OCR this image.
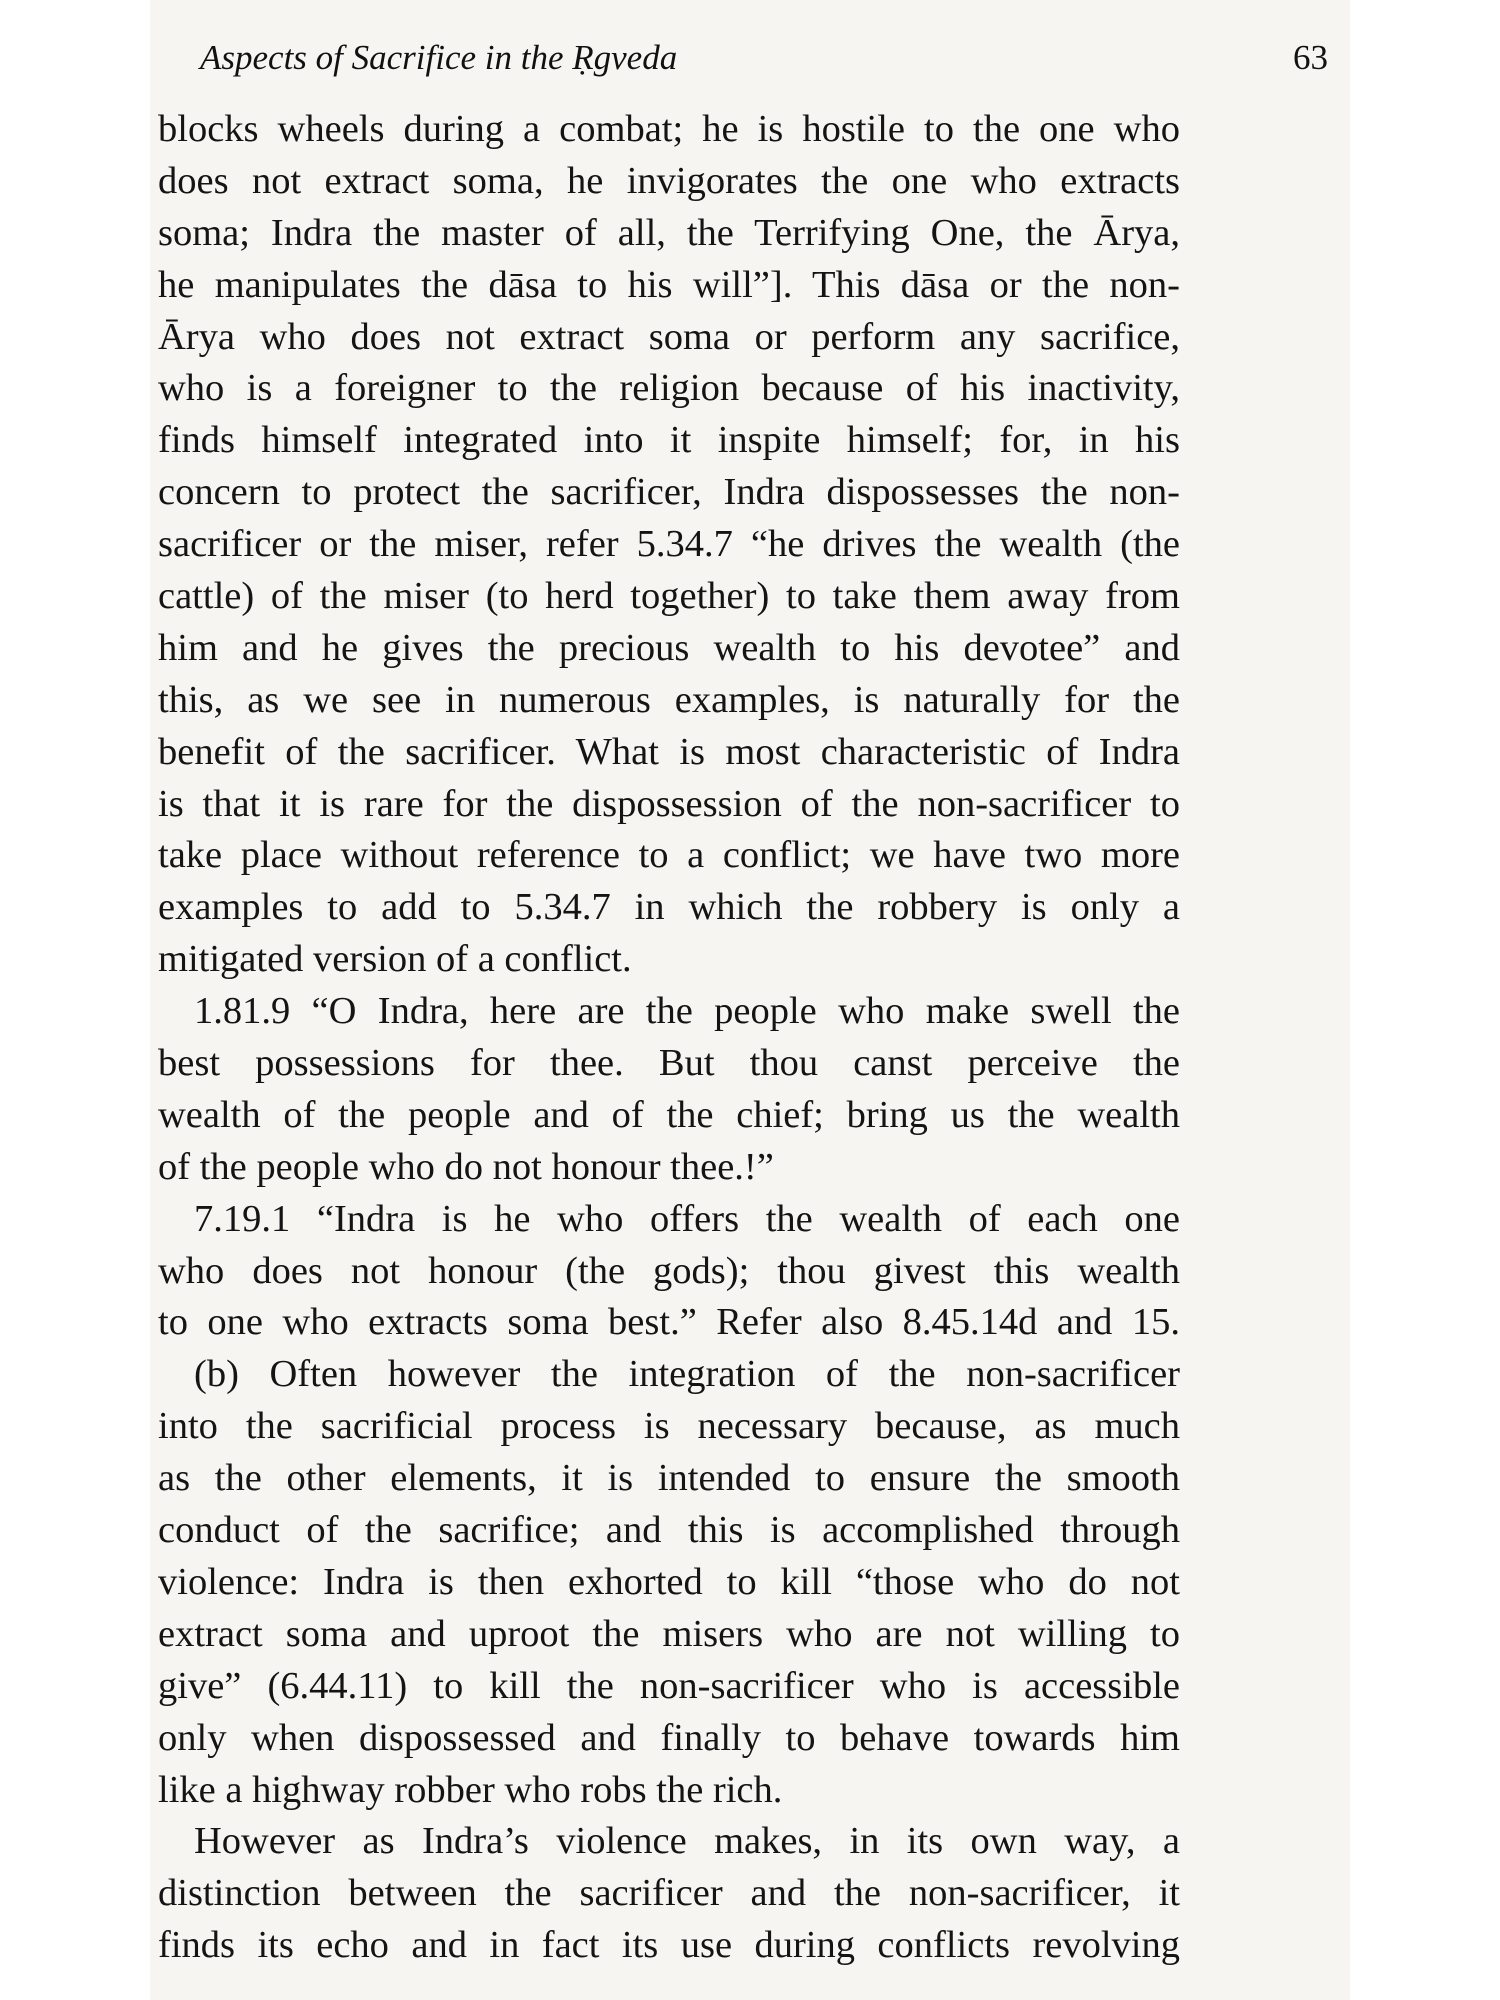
Aspects of Sacrifice in the Ṛgveda	63
blocks wheels during a combat; he is hostile to the one who
does not extract soma, he invigorates the one who extracts
soma; Indra the master of all, the Terrifying One, the Ārya,
he manipulates the dāsa to his will”]. This dāsa or the non-
Ārya who does not extract soma or perform any sacrifice,
who is a foreigner to the religion because of his inactivity,
finds himself integrated into it inspite himself; for, in his
concern to protect the sacrificer, Indra dispossesses the non-
sacrificer or the miser, refer 5.34.7 “he drives the wealth (the
cattle) of the miser (to herd together) to take them away from
him and he gives the precious wealth to his devotee” and
this, as we see in numerous examples, is naturally for the
benefit of the sacrificer. What is most characteristic of Indra
is that it is rare for the dispossession of the non-sacrificer to
take place without reference to a conflict; we have two more
examples to add to 5.34.7 in which the robbery is only a
mitigated version of a conflict.
1.81.9 “O Indra, here are the people who make swell the
best possessions for thee. But thou canst perceive the
wealth of the people and of the chief; bring us the wealth
of the people who do not honour thee.!”
7.19.1 “Indra is he who offers the wealth of each one
who does not honour (the gods); thou givest this wealth
to one who extracts soma best.” Refer also 8.45.14d and 15.
(b) Often however the integration of the non-sacrificer
into the sacrificial process is necessary because, as much
as the other elements, it is intended to ensure the smooth
conduct of the sacrifice; and this is accomplished through
violence: Indra is then exhorted to kill “those who do not
extract soma and uproot the misers who are not willing to
give” (6.44.11) to kill the non-sacrificer who is accessible
only when dispossessed and finally to behave towards him
like a highway robber who robs the rich.
However as Indra’s violence makes, in its own way, a
distinction between the sacrificer and the non-sacrificer, it
finds its echo and in fact its use during conflicts revolving
